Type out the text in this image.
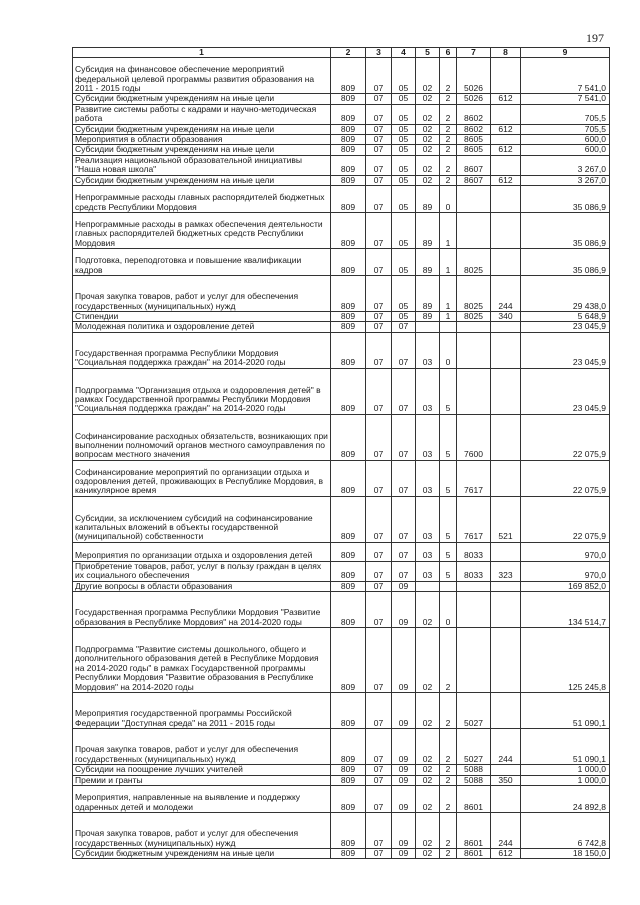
197
1	2	3	4	5	6	7	8	9
Субсидия на финансовое обеспечение мероприятий федеральной целевой программы развития образования на 2011 - 2015 годы	809	07	05	02	2	5026		7 541,0
Субсидии бюджетным учреждениям на иные цели	809	07	05	02	2	5026	612	7 541,0
Развитие системы работы с кадрами и научно-методическая работа	809	07	05	02	2	8602		705,5
Субсидии бюджетным учреждениям на иные цели	809	07	05	02	2	8602	612	705,5
Мероприятия в области образования	809	07	05	02	2	8605		600,0
Субсидии бюджетным учреждениям на иные цели	809	07	05	02	2	8605	612	600,0
Реализация национальной образовательной инициативы "Наша новая школа"	809	07	05	02	2	8607		3 267,0
Субсидии бюджетным учреждениям на иные цели	809	07	05	02	2	8607	612	3 267,0
Непрограммные расходы главных распорядителей бюджетных средств Республики Мордовия	809	07	05	89	0			35 086,9
Непрограммные расходы в рамках обеспечения деятельности главных распорядителей бюджетных средств Республики Мордовия	809	07	05	89	1			35 086,9
Подготовка, переподготовка и повышение квалификации кадров	809	07	05	89	1	8025		35 086,9
Прочая закупка товаров, работ и услуг для обеспечения государственных (муниципальных) нужд	809	07	05	89	1	8025	244	29 438,0
Стипендии	809	07	05	89	1	8025	340	5 648,9
Молодежная политика и оздоровление детей	809	07	07					23 045,9
Государственная программа Республики Мордовия "Социальная поддержка граждан" на 2014-2020 годы	809	07	07	03	0			23 045,9
Подпрограмма "Организация отдыха и оздоровления детей" в рамках Государственной программы Республики Мордовия "Социальная поддержка граждан" на 2014-2020 годы	809	07	07	03	5			23 045,9
Софинансирование расходных обязательств, возникающих при выполнении полномочий органов местного самоуправления по вопросам местного значения	809	07	07	03	5	7600		22 075,9
Софинансирование мероприятий по организации отдыха и оздоровления детей, проживающих в Республике Мордовия, в каникулярное время	809	07	07	03	5	7617		22 075,9
Субсидии, за исключением субсидий на софинансирование капитальных вложений в объекты государственной (муниципальной) собственности	809	07	07	03	5	7617	521	22 075,9
Мероприятия по организации отдыха и оздоровления детей	809	07	07	03	5	8033		970,0
Приобретение товаров, работ, услуг в пользу граждан в целях их социального обеспечения	809	07	07	03	5	8033	323	970,0
Другие вопросы в области образования	809	07	09					169 852,0
Государственная программа Республики Мордовия "Развитие образования в Республике Мордовия" на 2014-2020 годы	809	07	09	02	0			134 514,7
Подпрограмма "Развитие системы дошкольного, общего и дополнительного образования детей в Республике Мордовия на 2014-2020 годы" в рамках Государственной программы Республики Мордовия "Развитие образования в Республике Мордовия" на 2014-2020 годы	809	07	09	02	2			125 245,8
Мероприятия государственной программы Российской Федерации "Доступная среда" на 2011 - 2015 годы	809	07	09	02	2	5027		51 090,1
Прочая закупка товаров, работ и услуг для обеспечения государственных (муниципальных) нужд	809	07	09	02	2	5027	244	51 090,1
Субсидии на поощрение лучших учителей	809	07	09	02	2	5088		1 000,0
Премии и гранты	809	07	09	02	2	5088	350	1 000,0
Мероприятия, направленные на выявление и поддержку одаренных детей и молодежи	809	07	09	02	2	8601		24 892,8
Прочая закупка товаров, работ и услуг для обеспечения государственных (муниципальных) нужд	809	07	09	02	2	8601	244	6 742,8
Субсидии бюджетным учреждениям на иные цели	809	07	09	02	2	8601	612	18 150,0
